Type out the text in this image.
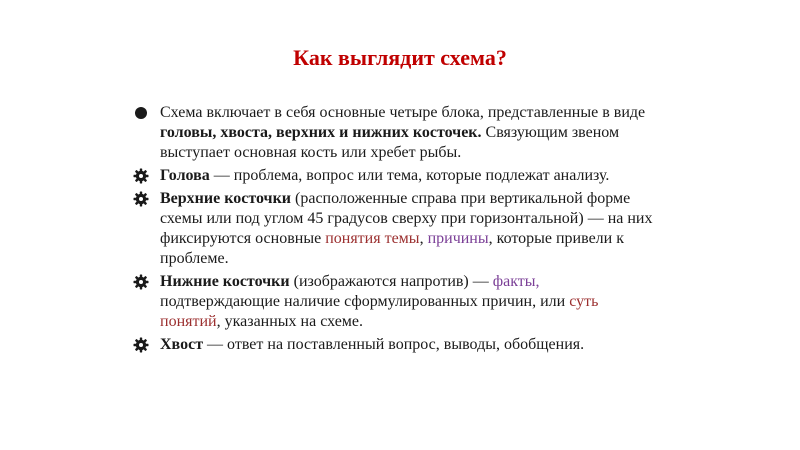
Как выглядит схема?
Схема включает в себя основные четыре блока, представленные в виде головы, хвоста, верхних и нижних косточек. Связующим звеном выступает основная кость или хребет рыбы.
Голова — проблема, вопрос или тема, которые подлежат анализу.
Верхние косточки (расположенные справа при вертикальной форме схемы или под углом 45 градусов сверху при горизонтальной) — на них фиксируются основные понятия темы, причины, которые привели к проблеме.
Нижние косточки (изображаются напротив) — факты, подтверждающие наличие сформулированных причин, или суть понятий, указанных на схеме.
Хвост — ответ на поставленный вопрос, выводы, обобщения.
